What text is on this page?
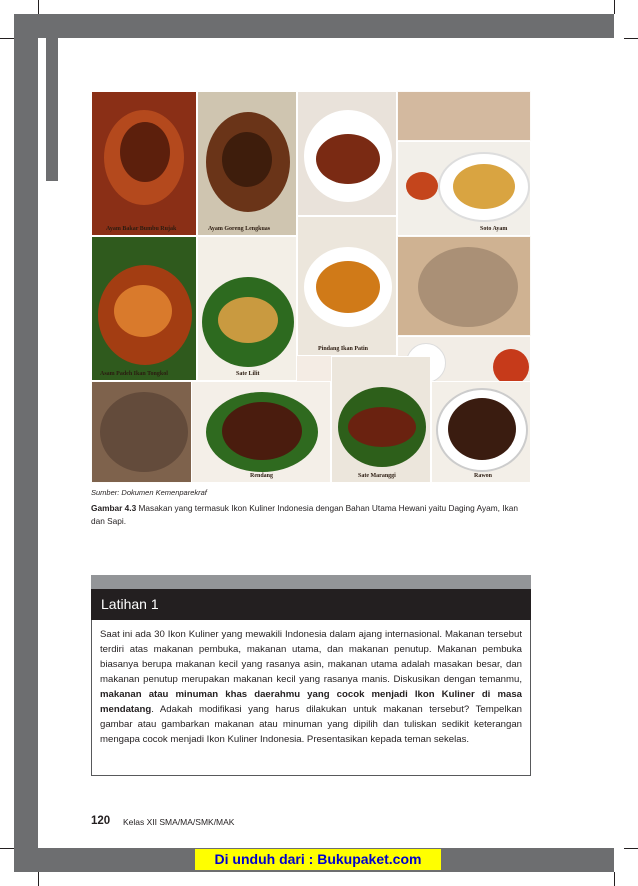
Ayam Bakar Bumbu Rujak	Ayam Goreng Lengkuas	Soto Ayam
Asam Padeh Ikan Tongkol	Sate Lilit
Pindang Ikan Patin
Rendang	Sate Maranggi	Rawon
Sumber: Dokumen Kemenparekraf
Gambar 4.3 Masakan yang termasuk Ikon Kuliner Indonesia dengan Bahan Utama Hewani yaitu Daging Ayam, Ikan dan Sapi.
Latihan 1
Saat ini ada 30 Ikon Kuliner yang mewakili Indonesia dalam ajang internasional. Makanan tersebut terdiri atas makanan pembuka, makanan utama, dan makanan penutup. Makanan pembuka biasanya berupa makanan kecil yang rasanya asin, makanan utama adalah masakan besar, dan makanan penutup merupakan makanan kecil yang rasanya manis. Diskusikan dengan temanmu, makanan atau minuman khas daerahmu yang cocok menjadi Ikon Kuliner di masa mendatang. Adakah modifikasi yang harus dilakukan untuk makanan tersebut? Tempelkan gambar atau gambarkan makanan atau minuman yang dipilih dan tuliskan sedikit keterangan mengapa cocok menjadi Ikon Kuliner Indonesia. Presentasikan kepada teman sekelas.
120 Kelas XII SMA/MA/SMK/MAK
Di unduh dari : Bukupaket.com
